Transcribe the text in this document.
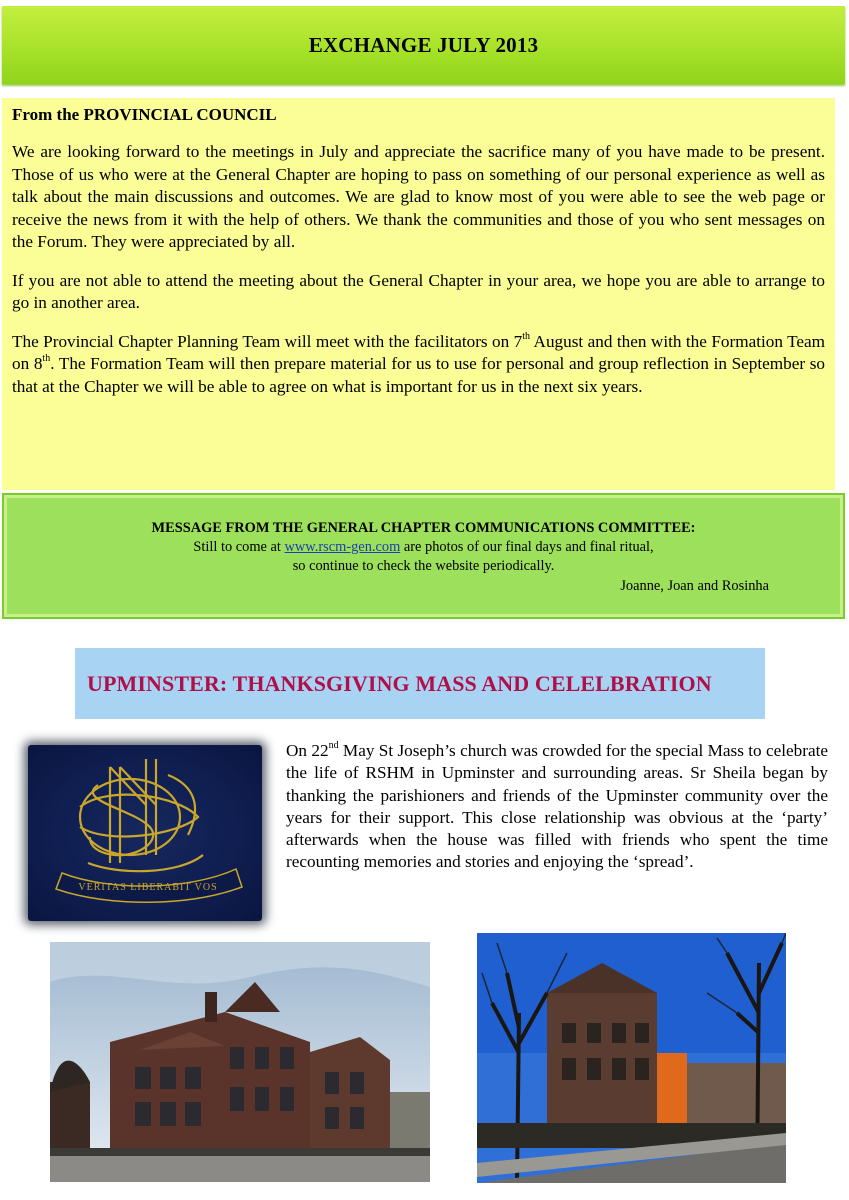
EXCHANGE JULY 2013
From the PROVINCIAL COUNCIL

We are looking forward to the meetings in July and appreciate the sacrifice many of you have made to be present. Those of us who were at the General Chapter are hoping to pass on something of our personal experience as well as talk about the main discussions and outcomes. We are glad to know most of you were able to see the web page or receive the news from it with the help of others. We thank the communities and those of you who sent messages on the Forum. They were appreciated by all.

If you are not able to attend the meeting about the General Chapter in your area, we hope you are able to arrange to go in another area.

The Provincial Chapter Planning Team will meet with the facilitators on 7th August and then with the Formation Team on 8th. The Formation Team will then prepare material for us to use for personal and group reflection in September so that at the Chapter we will be able to agree on what is important for us in the next six years.

MESSAGE FROM THE GENERAL CHAPTER COMMUNICATIONS COMMITTEE:
Still to come at www.rscm-gen.com are photos of our final days and final ritual,
so continue to check the website periodically.
Joanne, Joan and Rosinha
UPMINSTER: THANKSGIVING MASS AND CELELBRATION
VERITAS LIBERABIT VOS

On 22nd May St Joseph’s church was crowded for the special Mass to celebrate the life of RSHM in Upminster and surrounding areas. Sr Sheila began by thanking the parishioners and friends of the Upminster community over the years for their support. This close relationship was obvious at the ‘party’ afterwards when the house was filled with friends who spent the time recounting memories and stories and enjoying the ‘spread’.
